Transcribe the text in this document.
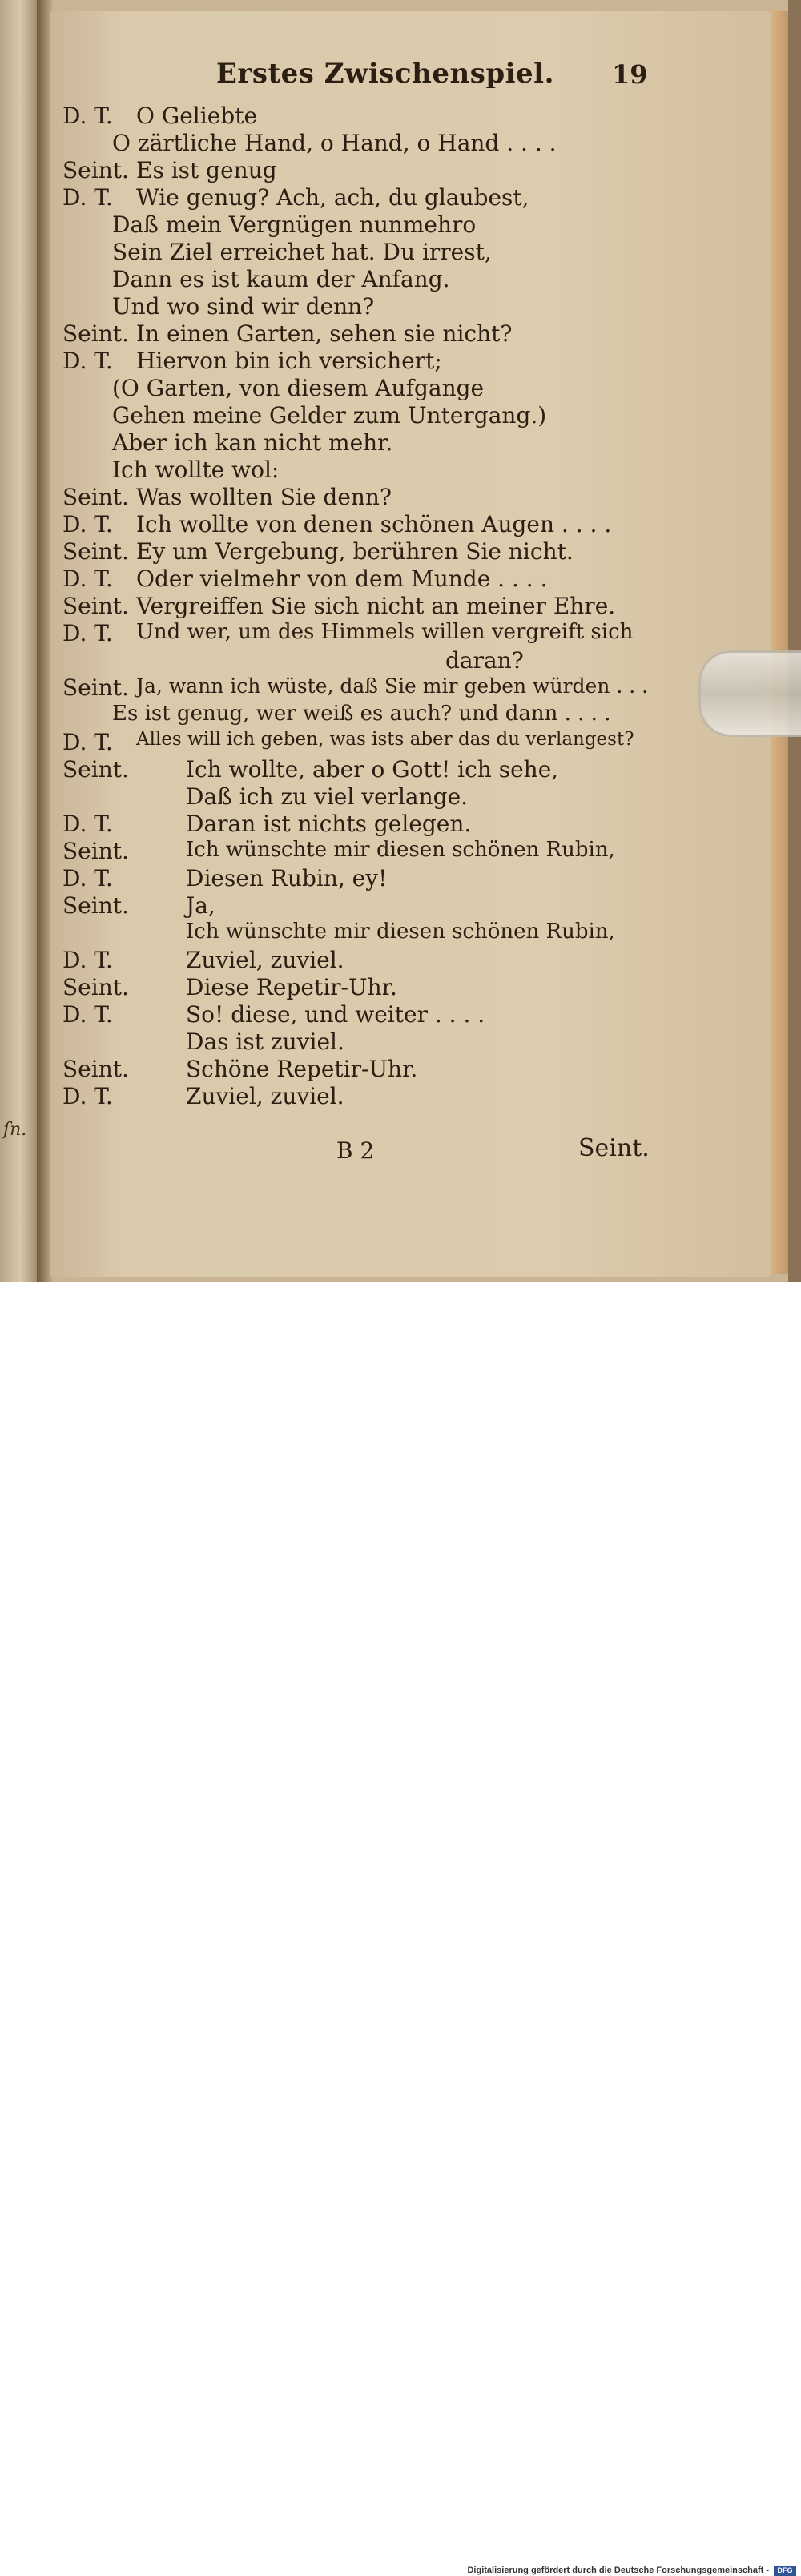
ſn.
Erstes Zwischenspiel. 19
D. T. O Geliebte
O zärtliche Hand, o Hand, o Hand . . . .
Seint. Es ist genug
D. T. Wie genug? Ach, ach, du glaubest,
Daß mein Vergnügen nunmehro
Sein Ziel erreichet hat. Du irrest,
Dann es ist kaum der Anfang.
Und wo sind wir denn?
Seint. In einen Garten, sehen sie nicht?
D. T. Hiervon bin ich versichert;
(O Garten, von diesem Aufgange
Gehen meine Gelder zum Untergang.)
Aber ich kan nicht mehr.
Ich wollte wol:
Seint. Was wollten Sie denn?
D. T. Ich wollte von denen schönen Augen . . . .
Seint. Ey um Vergebung, berühren Sie nicht.
D. T. Oder vielmehr von dem Munde . . . .
Seint. Vergreiffen Sie sich nicht an meiner Ehre.
D. T. Und wer, um des Himmels willen vergreift sich
daran?
Seint. Ja, wann ich wüste, daß Sie mir geben würden . . .
Es ist genug, wer weiß es auch? und dann . . . .
D. T. Alles will ich geben, was ists aber das du verlangest?
Seint.	Ich wollte, aber o Gott! ich sehe,
Daß ich zu viel verlange.
D. T.	Daran ist nichts gelegen.
Seint.	Ich wünschte mir diesen schönen Rubin,
D. T.	Diesen Rubin, ey!
Seint.	Ja,
Ich wünschte mir diesen schönen Rubin,
D. T.	Zuviel, zuviel.
Seint.	Diese Repetir-Uhr.
D. T.	So! diese, und weiter . . . .
Das ist zuviel.
Seint.	Schöne Repetir-Uhr.
D. T.	Zuviel, zuviel.
B 2	Seint.
Digitalisierung gefördert durch die Deutsche Forschungsgemeinschaft -	DFG
